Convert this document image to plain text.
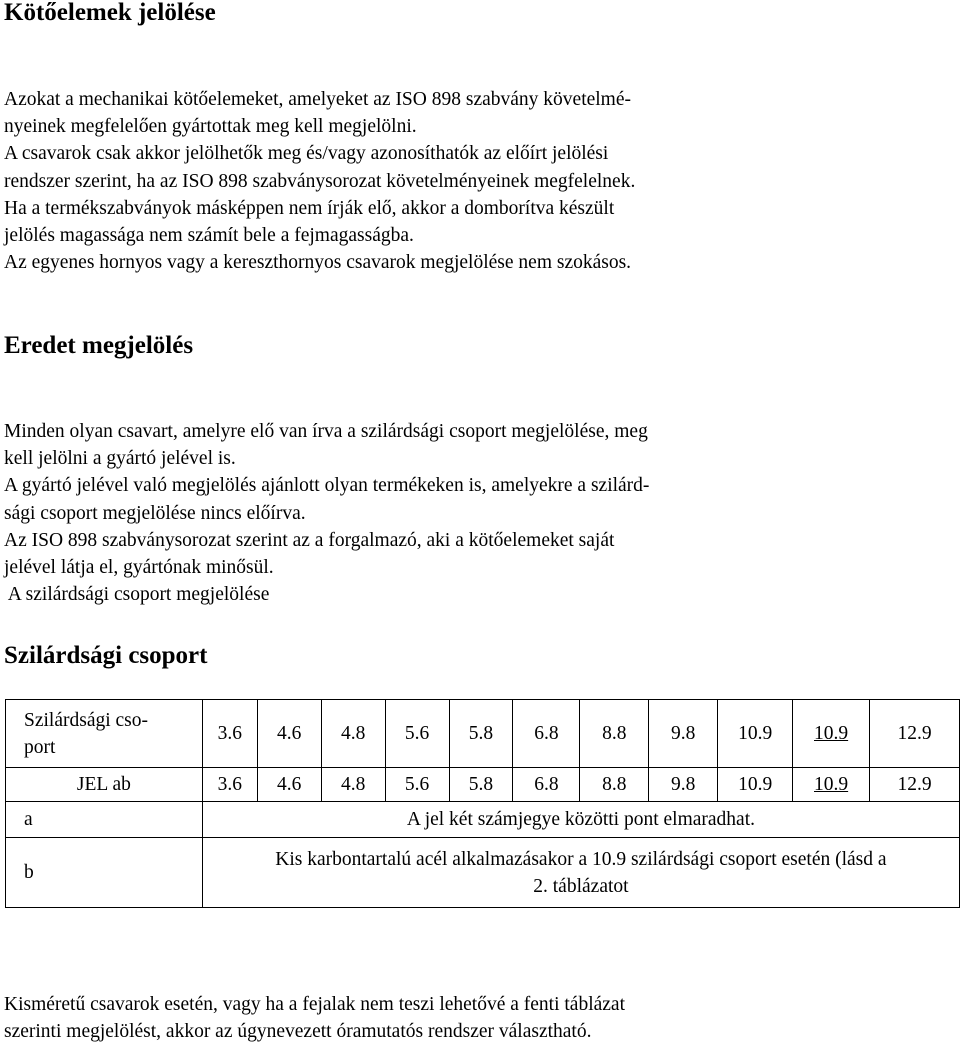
Kötőelemek jelölése
Azokat a mechanikai kötőelemeket, amelyeket az ISO 898 szabvány követelmé-
nyeinek megfelelően gyártottak meg kell megjelölni.
A csavarok csak akkor jelölhetők meg és/vagy azonosíthatók az előírt jelölési
rendszer szerint, ha az ISO 898 szabványsorozat követelményeinek megfelelnek.
Ha a termékszabványok másképpen nem írják elő, akkor a domborítva készült
jelölés magassága nem számít bele a fejmagasságba.
Az egyenes hornyos vagy a kereszthornyos csavarok megjelölése nem szokásos.
Eredet megjelölés
Minden olyan csavart, amelyre elő van írva a szilárdsági csoport megjelölése, meg
kell jelölni a gyártó jelével is.
A gyártó jelével való megjelölés ajánlott olyan termékeken is, amelyekre a szilárd-
sági csoport megjelölése nincs előírva.
Az ISO 898 szabványsorozat szerint az a forgalmazó, aki a kötőelemeket saját
jelével látja el, gyártónak minősül.
A szilárdsági csoport megjelölése
Szilárdsági csoport
Szilárdsági cso-
port	3.6	4.6	4.8	5.6	5.8	6.8	8.8	9.8	10.9	10.9	12.9
JEL ab	3.6	4.6	4.8	5.6	5.8	6.8	8.8	9.8	10.9	10.9	12.9
a	A jel két számjegye közötti pont elmaradhat.										
b	Kis karbontartalú acél alkalmazásakor a 10.9 szilárdsági csoport esetén (lásd a
2. táblázatot										
Kisméretű csavarok esetén, vagy ha a fejalak nem teszi lehetővé a fenti táblázat
szerinti megjelölést, akkor az úgynevezett óramutatós rendszer választható.
